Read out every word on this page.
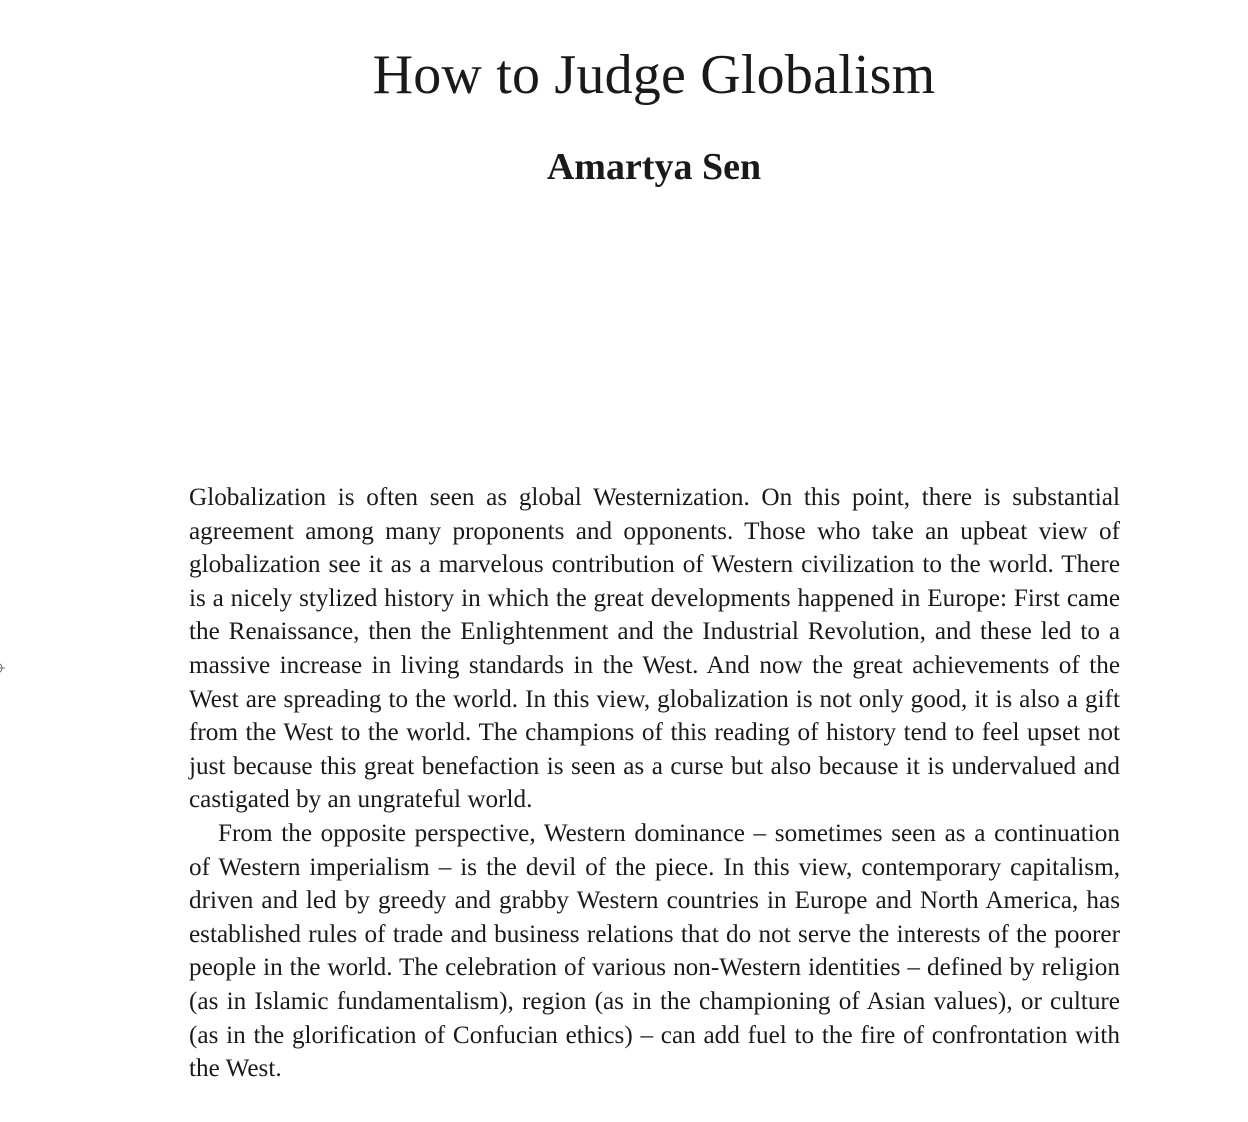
How to Judge Globalism
Amartya Sen

Globalization is often seen as global Westernization. On this point, there is substantial agreement among many proponents and opponents. Those who take an upbeat view of globalization see it as a marvelous contribution of Western civilization to the world. There is a nicely stylized history in which the great developments happened in Europe: First came the Renaissance, then the Enlightenment and the Industrial Revolution, and these led to a massive increase in living standards in the West. And now the great achievements of the West are spreading to the world. In this view, globalization is not only good, it is also a gift from the West to the world. The champions of this reading of history tend to feel upset not just because this great benefaction is seen as a curse but also because it is undervalued and castigated by an ungrateful world.

From the opposite perspective, Western dominance – sometimes seen as a continuation of Western imperialism – is the devil of the piece. In this view, contemporary capitalism, driven and led by greedy and grabby Western countries in Europe and North America, has established rules of trade and business relations that do not serve the interests of the poorer people in the world. The celebration of various non-Western identities – defined by religion (as in Islamic fundamentalism), region (as in the championing of Asian values), or culture (as in the glorification of Confucian ethics) – can add fuel to the fire of confrontation with the West.
